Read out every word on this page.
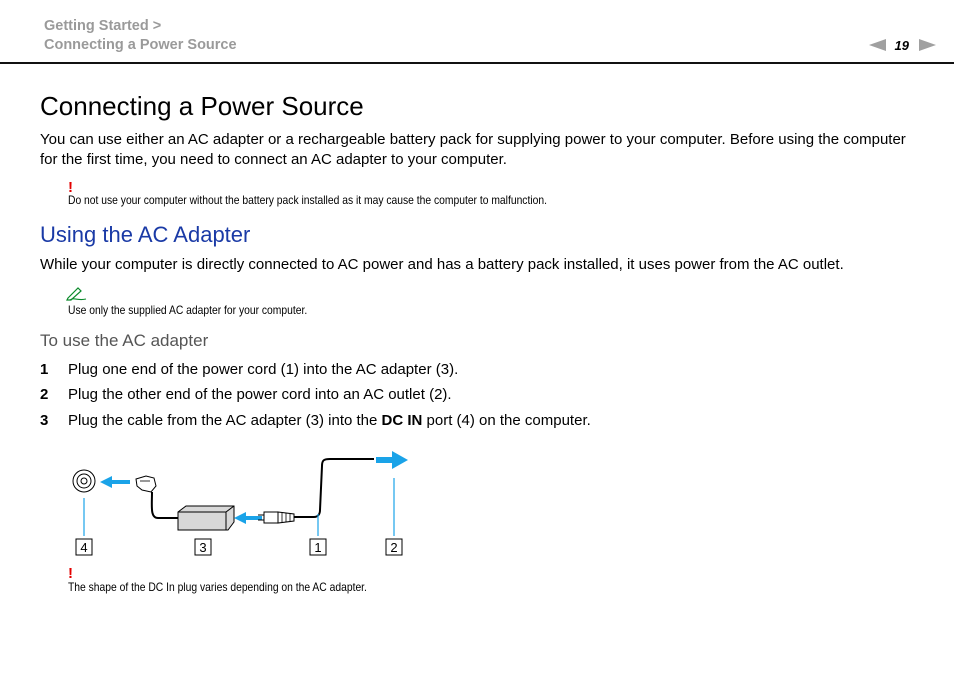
Getting Started >
Connecting a Power Source	19
Connecting a Power Source

You can use either an AC adapter or a rechargeable battery pack for supplying power to your computer. Before using the computer for the first time, you need to connect an AC adapter to your computer.

!
Do not use your computer without the battery pack installed as it may cause the computer to malfunction.
Using the AC Adapter

While your computer is directly connected to AC power and has a battery pack installed, it uses power from the AC outlet.

Use only the supplied AC adapter for your computer.
To use the AC adapter
1 Plug one end of the power cord (1) into the AC adapter (3).
2 Plug the other end of the power cord into an AC outlet (2).
3 Plug the cable from the AC adapter (3) into the DC IN port (4) on the computer.
4	3	1	2
!
The shape of the DC In plug varies depending on the AC adapter.
